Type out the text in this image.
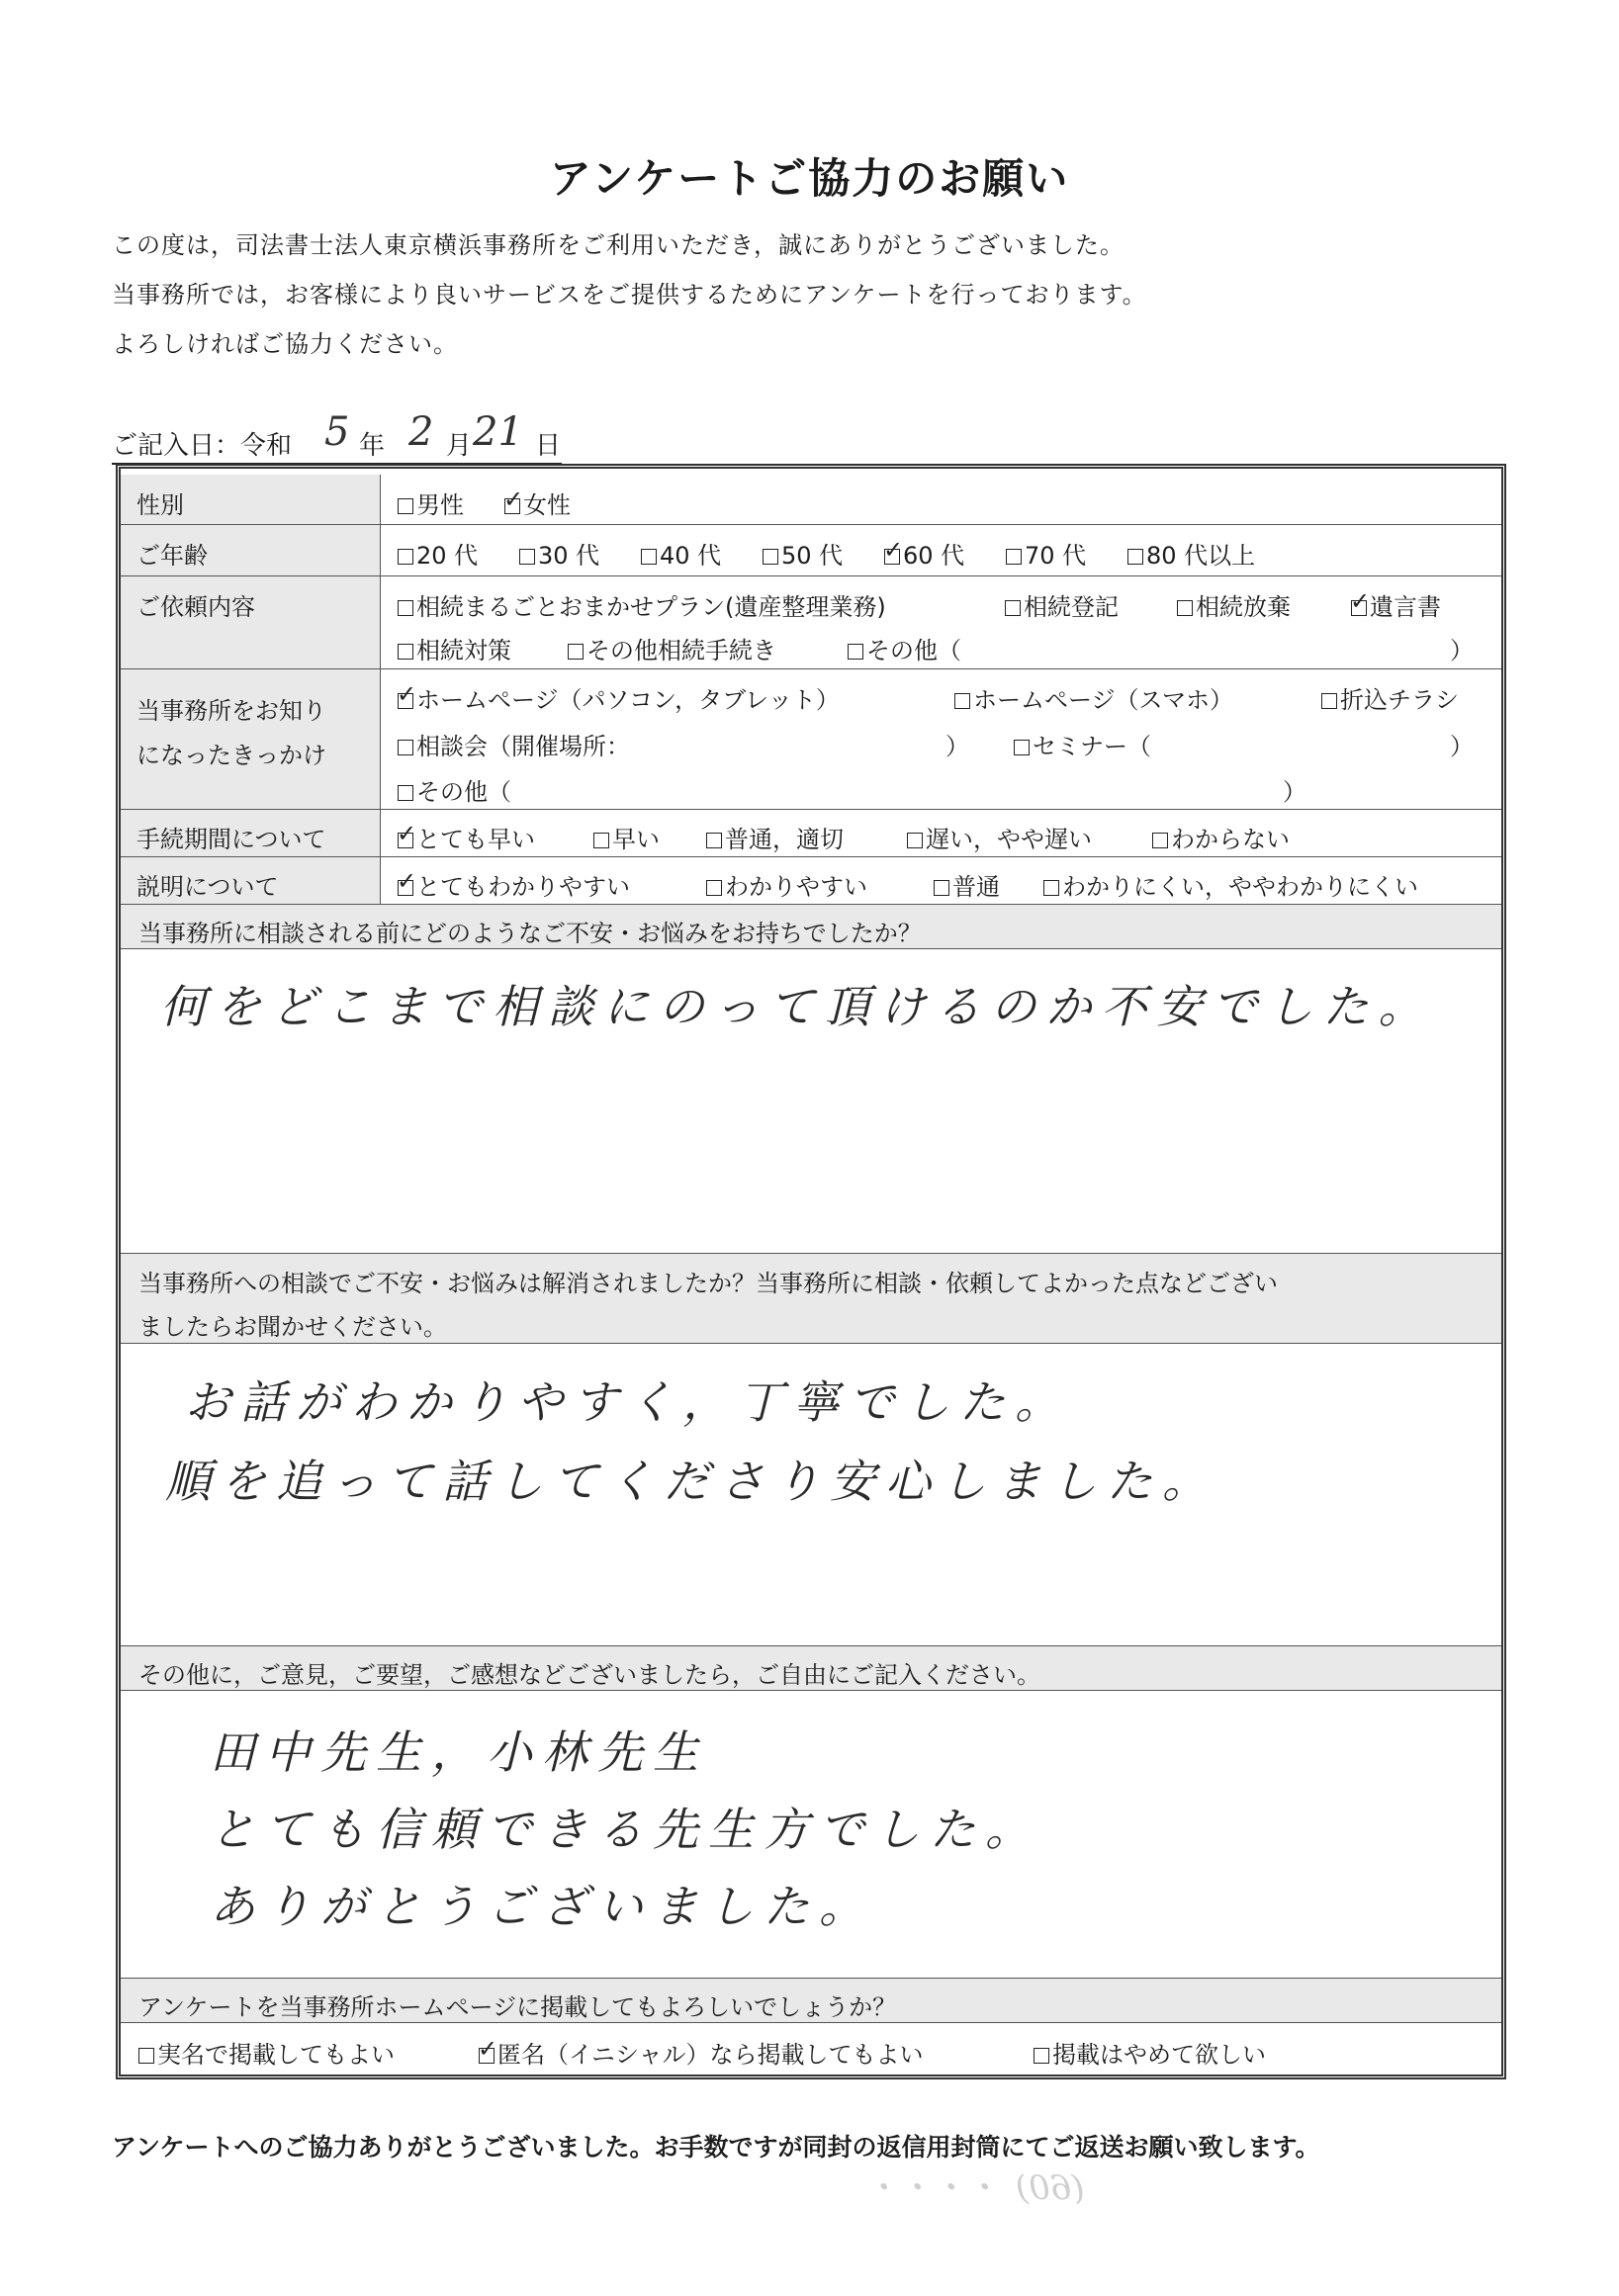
アンケートご協力のお願い
この度は，司法書士法人東京横浜事務所をご利用いただき，誠にありがとうございました。
当事務所では，お客様により良いサービスをご提供するためにアンケートを行っております。
よろしければご協力ください。
ご記入日：令和 5 年 2 月 21 日
性別	男性 ✓	女性
ご年齢	20 代	30 代	40 代	50 代 ✓	60 代	70 代	80 代以上
ご依頼内容	相続まるごとおまかせプラン(遺産整理業務)	相続登記	相続放棄 ✓	遺言書
相続対策	その他相続手続き	その他（	）
当事務所をお知り
になったきっかけ
✓ホームページ（パソコン，タブレット）	ホームページ（スマホ）	折込チラシ
相談会（開催場所：	）	セミナー（	）
その他（	）
手続期間について ✓	とても早い	早い	普通，適切	遅い，やや遅い	わからない
説明について ✓	とてもわかりやすい	わかりやすい	普通	わかりにくい，ややわかりにくい
当事務所に相談される前にどのようなご不安・お悩みをお持ちでしたか？
何をどこまで相談にのって頂けるのか不安でした。
当事務所への相談でご不安・お悩みは解消されましたか？当事務所に相談・依頼してよかった点などござい
ましたらお聞かせください。
お話がわかりやすく，丁寧でした。
順を追って話してくださり安心しました。
その他に，ご意見，ご要望，ご感想などございましたら，ご自由にご記入ください。
田中先生，小林先生
とても信頼できる先生方でした。
ありがとうございました。
アンケートを当事務所ホームページに掲載してもよろしいでしょうか？
実名で掲載してもよい ✓	匿名（イニシャル）なら掲載してもよい	掲載はやめて欲しい
アンケートへのご協力ありがとうございました。お手数ですが同封の返信用封筒にてご返送お願い致します。
(60) ・・・・
